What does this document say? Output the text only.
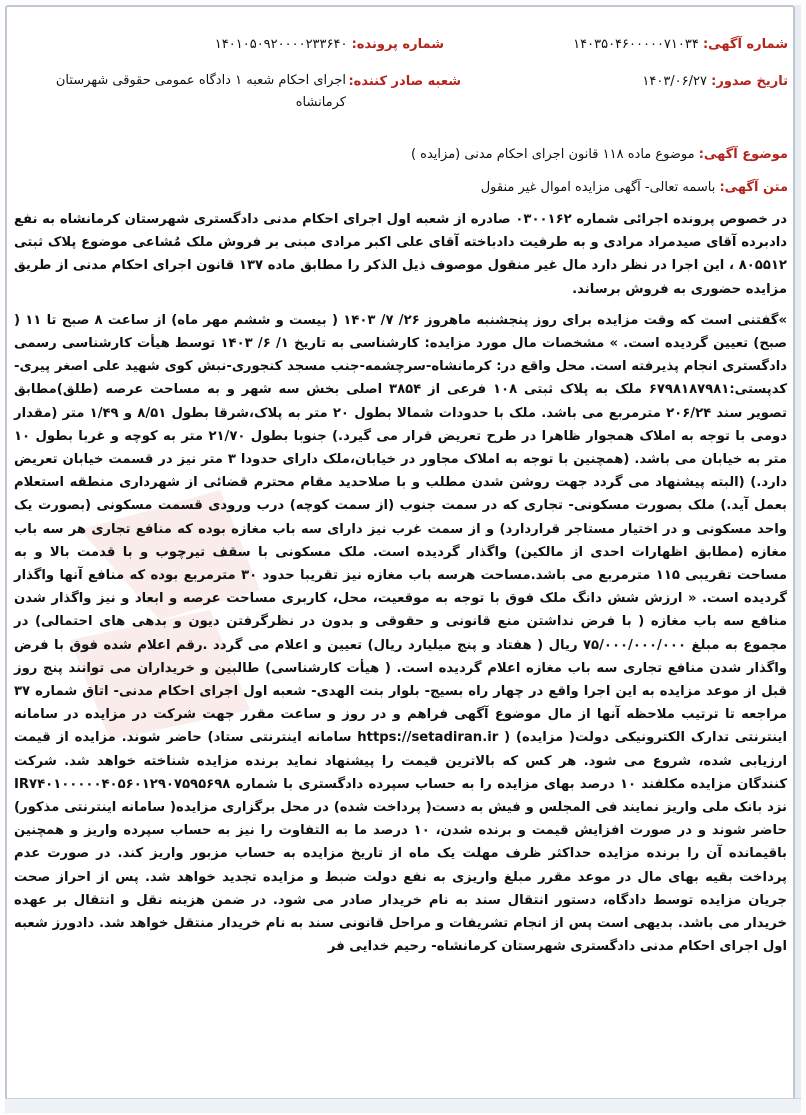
شماره آگهی: ۱۴۰۳۵۰۴۶۰۰۰۰۰۷۱۰۳۴
شماره پرونده: ۱۴۰۱۰۵۰۹۲۰۰۰۰۲۳۳۶۴۰
تاریخ صدور: ۱۴۰۳/۰۶/۲۷
شعبه صادر کننده:
اجرای احکام شعبه ۱ دادگاه عمومی حقوقی شهرستان کرمانشاه
موضوع آگهی: موضوع ماده ۱۱۸ قانون اجرای احکام مدنی (مزایده )
متن آگهی: باسمه تعالی- آگهی مزایده اموال غیر منقول

در خصوص پرونده اجرائی شماره ۰۳۰۰۱۶۲ صادره از شعبه اول اجرای احکام مدنی دادگستری شهرستان کرمانشاه به نفع دادبرده آقای صیدمراد مرادی و به طرفیت دادباخته آقای علی اکبر مرادی مبنی بر فروش ملک مُشاعی موضوع پلاک ثبتی ۸۰۵۵۱۲ ، این اجرا در نظر دارد مال غیر منقول موصوف ذیل الذکر را مطابق ماده ۱۳۷ قانون اجرای احکام مدنی از طریق مزایده حضوری به فروش برساند.

»گفتنی است که وقت مزایده برای روز پنجشنبه ماهروز ۲۶/ ۷/ ۱۴۰۳ ( بیست و ششم مهر ماه) از ساعت ۸ صبح تا ۱۱ ( صبح) تعیین گردیده است. » مشخصات مال مورد مزایده: کارشناسی به تاریخ ۱/ ۶/ ۱۴۰۳ توسط هیأت کارشناسی رسمی دادگستری انجام پذیرفته است. محل واقع در: کرمانشاه-سرچشمه-جنب مسجد کنجوری-نبش کوی شهید علی اصغر پیری- کدپستی:۶۷۹۸۱۸۷۹۸۱ ملک به پلاک ثبتی ۱۰۸ فرعی از ۳۸۵۴ اصلی بخش سه شهر و به مساحت عرصه (طلق)مطابق تصویر سند ۲۰۶/۲۴ مترمربع می باشد. ملک با حدودات شمالا بطول ۲۰ متر به پلاک،شرقا بطول ۸/۵۱ و ۱/۴۹ متر (مقدار دومی با توجه به املاک همجوار ظاهرا در طرح تعریض قرار می گیرد.) جنوبا بطول ۲۱/۷۰ متر به کوچه و غربا بطول ۱۰ متر به خیابان می باشد. (همچنین با توجه به املاک مجاور در خیابان،ملک دارای حدودا ۳ متر نیز در قسمت خیابان تعریض دارد.) (البته پیشنهاد می گردد جهت روشن شدن مطلب و با صلاحدید مقام محترم قضائی از شهرداری منطقه استعلام بعمل آید.) ملک بصورت مسکونی- تجاری که در سمت جنوب (از سمت کوچه) درب ورودی قسمت مسکونی (بصورت یک واحد مسکونی و در اختیار مستاجر قراردارد) و از سمت غرب نیز دارای سه باب مغازه بوده که منافع تجاری هر سه باب مغازه (مطابق اظهارات احدی از مالکین) واگذار گردیده است. ملک مسکونی با سقف تیرچوب و با قدمت بالا و به مساحت تقریبی ۱۱۵ مترمربع می باشد.مساحت هرسه باب مغازه نیز تقریبا حدود ۳۰ مترمربع بوده که منافع آنها واگذار گردیده است. « ارزش شش دانگ ملک فوق با توجه به موقعیت، محل، کاربری مساحت عرصه و ابعاد و نیز واگذار شدن منافع سه باب مغازه ( با فرض نداشتن منع قانونی و حقوقی و بدون در نظرگرفتن دیون و بدهی های احتمالی) در مجموع به مبلغ ۷۵/۰۰۰/۰۰۰/۰۰۰ ریال ( هفتاد و پنج میلیارد ریال) تعیین و اعلام می گردد .رقم اعلام شده فوق با فرض واگذار شدن منافع تجاری سه باب مغازه اعلام گردیده است. ( هیأت کارشناسی) طالبین و خریداران می توانند پنج روز قبل از موعد مزایده به این اجرا واقع در چهار راه بسیج- بلوار بنت الهدی- شعبه اول اجرای احکام مدنی- اتاق شماره ۳۷ مراجعه تا ترتیب ملاحظه آنها از مال موضوع آگهی فراهم و در روز و ساعت مقرر جهت شرکت در مزایده در سامانه اینترنتی تدارک الکترونیکی دولت( مزایده) ( https://setadiran.ir سامانه اینترنتی ستاد) حاضر شوند. مزایده از قیمت ارزیابی شده، شروع می شود. هر کس که بالاترین قیمت را پیشنهاد نماید برنده مزایده شناخته خواهد شد. شرکت کنندگان مزایده مکلفند ۱۰ درصد بهای مزایده را به حساب سپرده دادگستری با شماره IR۷۴۰۱۰۰۰۰۰۴۰۵۶۰۱۲۹۰۷۵۹۵۶۹۸ نزد بانک ملی واریز نمایند فی المجلس و فیش به دست( پرداخت شده) در محل برگزاری مزایده( سامانه اینترنتی مذکور) حاضر شوند و در صورت افزایش قیمت و برنده شدن، ۱۰ درصد ما به التفاوت را نیز به حساب سپرده واریز و همچنین باقیمانده آن را برنده مزایده حداکثر ظرف مهلت یک ماه از تاریخ مزایده به حساب مزبور واریز کند. در صورت عدم پرداخت بقیه بهای مال در موعد مقرر مبلغ واریزی به نفع دولت ضبط و مزایده تجدید خواهد شد. پس از احراز صحت جریان مزایده توسط دادگاه، دستور انتقال سند به نام خریدار صادر می شود. در ضمن هزینه نقل و انتقال بر عهده خریدار می باشد. بدیهی است پس از انجام تشریفات و مراحل قانونی سند به نام خریدار منتقل خواهد شد. دادورز شعبه اول اجرای احکام مدنی دادگستری شهرستان کرمانشاه- رحیم خدایی فر
